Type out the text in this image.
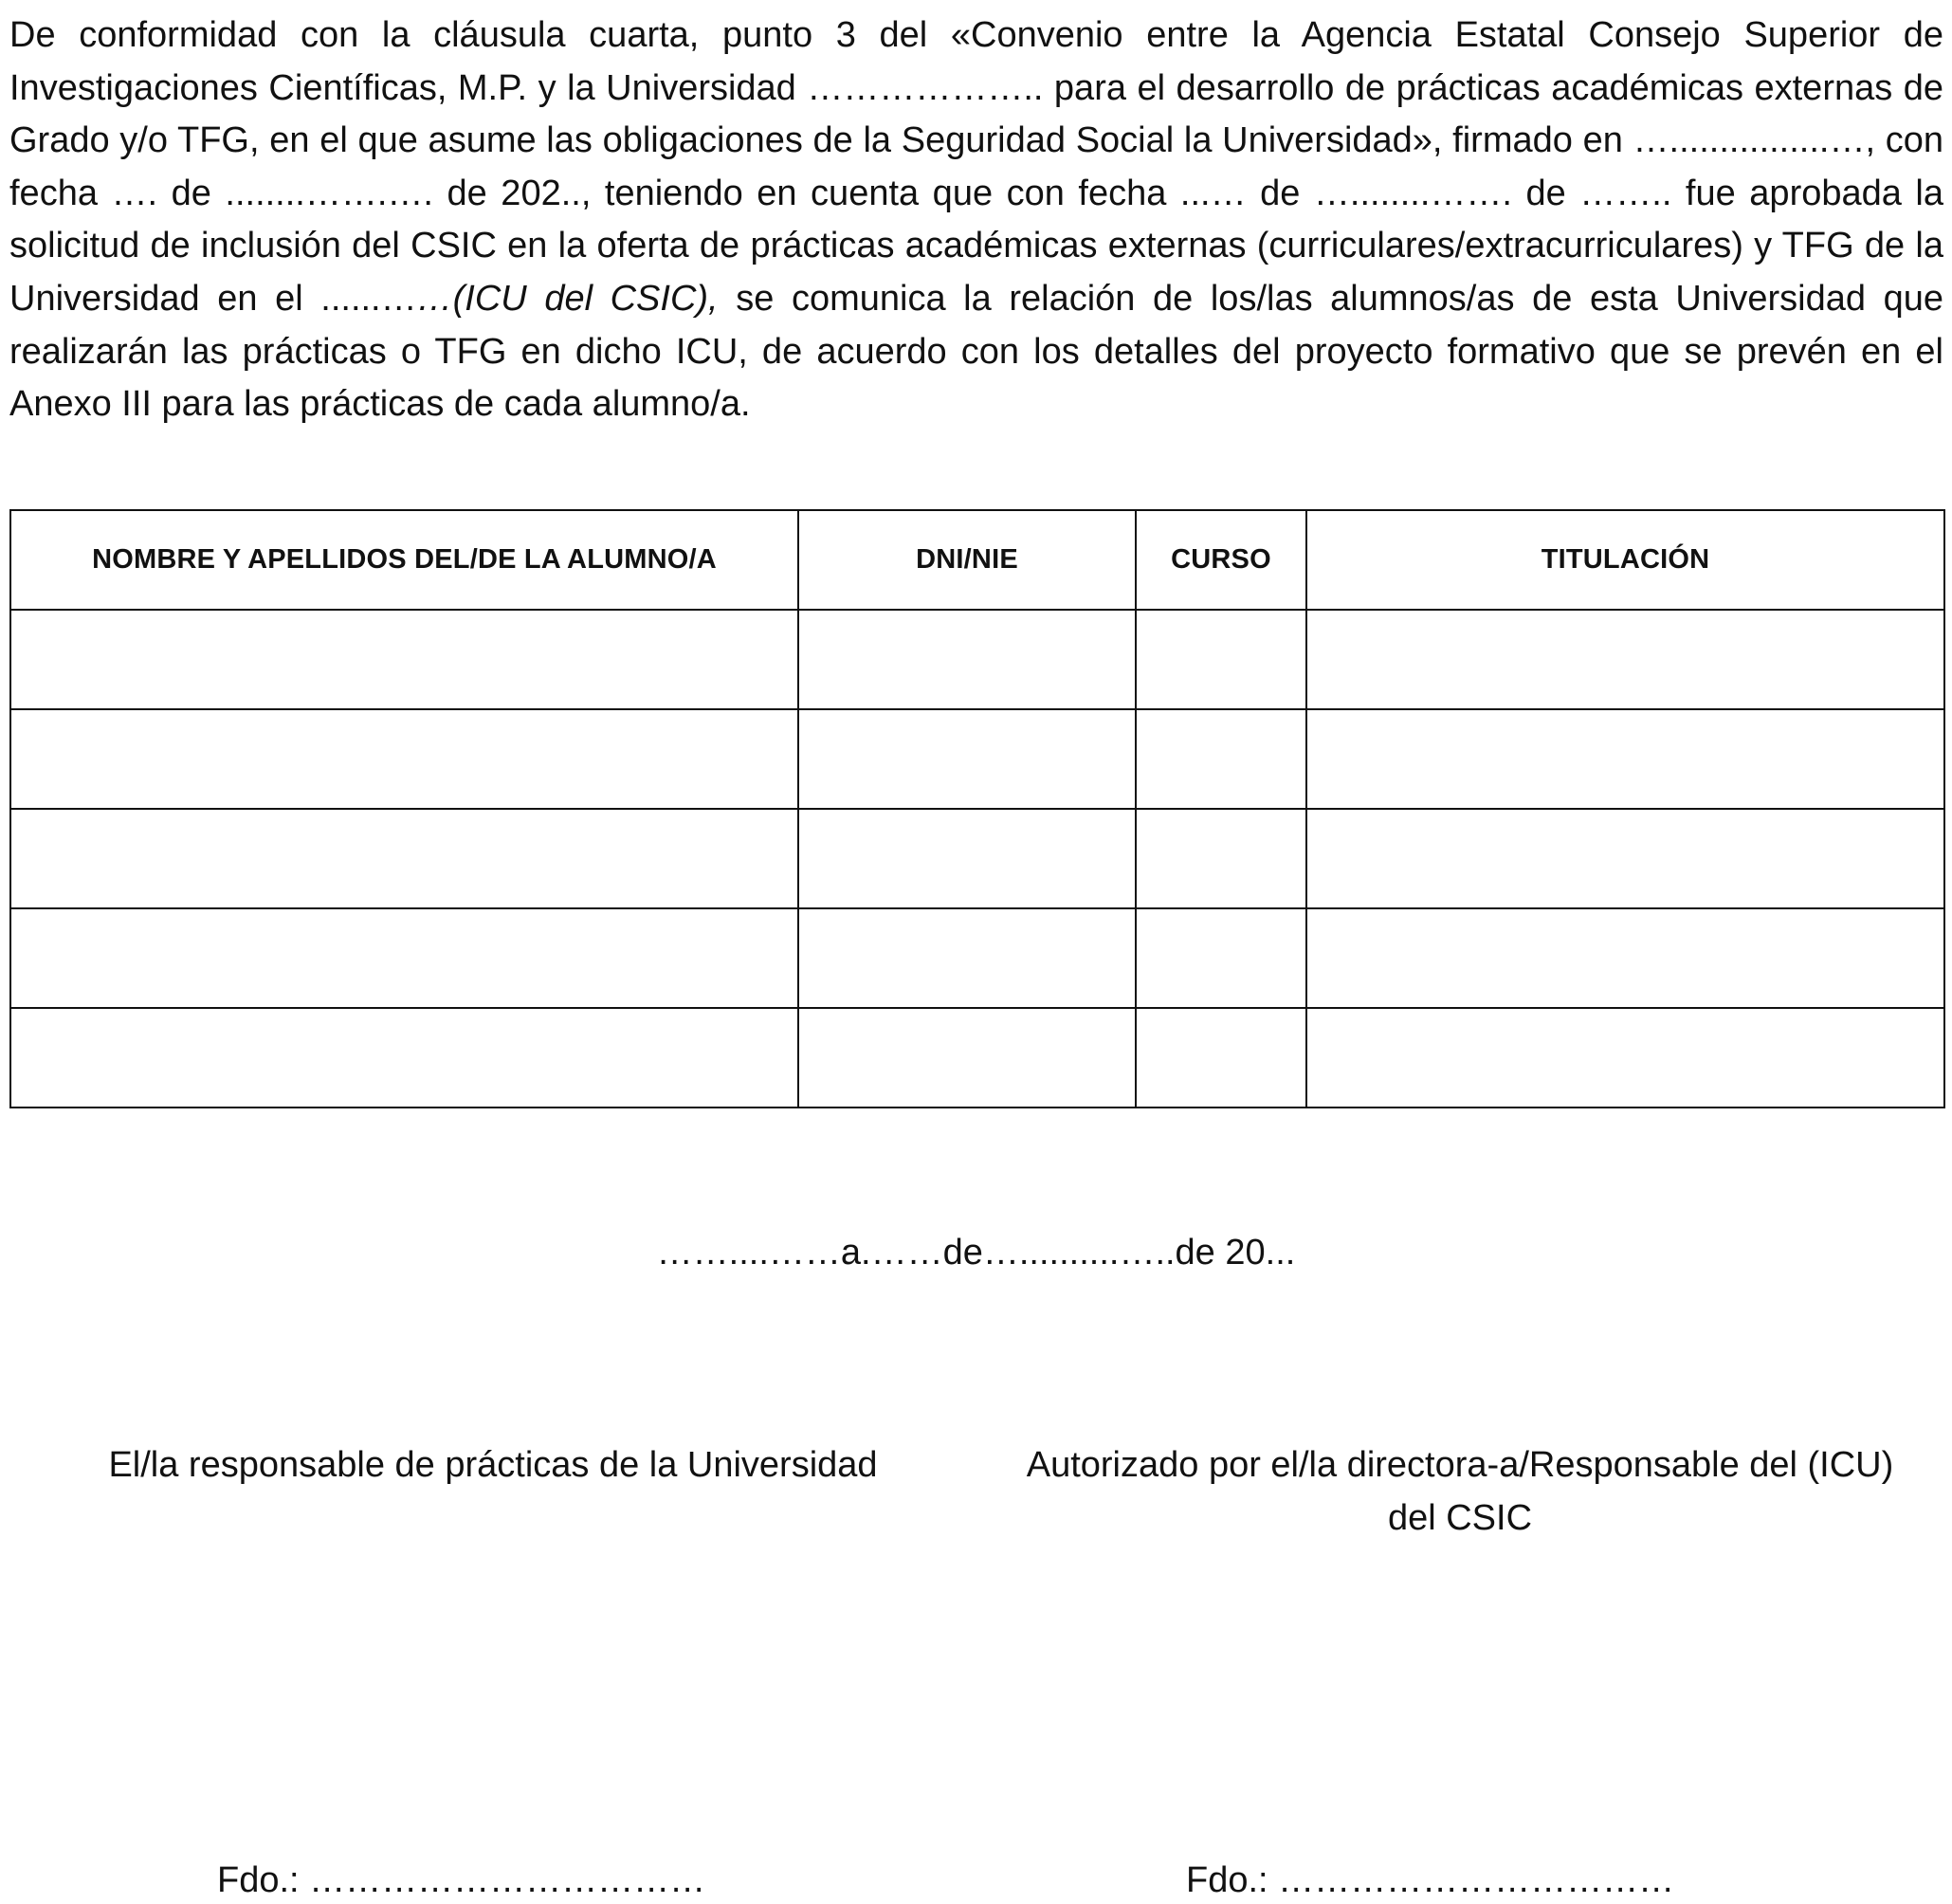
De conformidad con la cláusula cuarta, punto 3 del «Convenio entre la Agencia Estatal Consejo Superior de Investigaciones Científicas, M.P. y la Universidad ……………….. para el desarrollo de prácticas académicas externas de Grado y/o TFG, en el que asume las obligaciones de la Seguridad Social la Universidad», firmado en …................…, con fecha …. de ........…….…. de 202.., teniendo en cuenta que con fecha ...… de …........……. de …….. fue aprobada la solicitud de inclusión del CSIC en la oferta de prácticas académicas externas (curriculares/extracurriculares) y TFG de la Universidad en el ......……(ICU del CSIC), se comunica la relación de los/las alumnos/as de esta Universidad que realizarán las prácticas o TFG en dicho ICU, de acuerdo con los detalles del proyecto formativo que se prevén en el Anexo III para las prácticas de cada alumno/a.

NOMBRE Y APELLIDOS DEL/DE LA ALUMNO/A	DNI/NIE	CURSO	TITULACIÓN

……....……a.……de…..........…..de 20...

El/la responsable de prácticas de la Universidad	Autorizado por el/la directora-a/Responsable del (ICU) del CSIC

Fdo.: ……………………………	Fdo.: ……………………………
